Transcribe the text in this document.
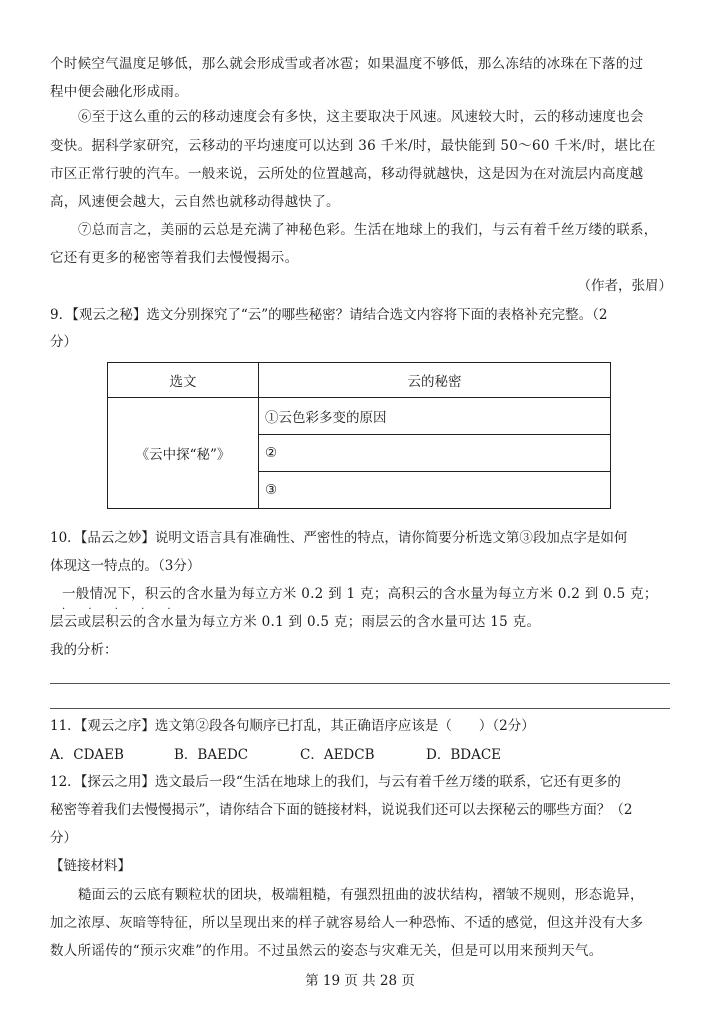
个时候空气温度足够低，那么就会形成雪或者冰雹；如果温度不够低，那么冻结的冰珠在下落的过
程中便会融化形成雨。
⑥至于这么重的云的移动速度会有多快，这主要取决于风速。风速较大时，云的移动速度也会
变快。据科学家研究，云移动的平均速度可以达到 36 千米/时，最快能到 50～60 千米/时，堪比在
市区正常行驶的汽车。一般来说，云所处的位置越高，移动得就越快，这是因为在对流层内高度越
高，风速便会越大，云自然也就移动得越快了。
⑦总而言之，美丽的云总是充满了神秘色彩。生活在地球上的我们，与云有着千丝万缕的联系，
它还有更多的秘密等着我们去慢慢揭示。
（作者，张眉）
9．【观云之秘】选文分别探究了“云”的哪些秘密？请结合选文内容将下面的表格补充完整。（2
分）
选文	云的秘密
《云中探“秘”》	①云色彩多变的原因
	②
	③
10．【品云之妙】说明文语言具有准确性、严密性的特点，请你简要分析选文第③段加点字是如何
体现这一特点的。（3分）
一般情况下，积云的含水量为每立方米 0.2 到 1 克；高积云的含水量为每立方米 0.2 到 0.5 克；
· · · · ·
层云或层积云的含水量为每立方米 0.1 到 0.5 克；雨层云的含水量可达 15 克。
我的分析：
11．【观云之序】选文第②段各句顺序已打乱，其正确语序应该是（　　）（2分）
A．CDAEB	B．BAEDC	C．AEDCB	D．BDACE
12．【探云之用】选文最后一段“生活在地球上的我们，与云有着千丝万缕的联系，它还有更多的
秘密等着我们去慢慢揭示”，请你结合下面的链接材料，说说我们还可以去探秘云的哪些方面？（2
分）
【链接材料】
糙面云的云底有颗粒状的团块，极端粗糙，有强烈扭曲的波状结构，褶皱不规则，形态诡异，
加之浓厚、灰暗等特征，所以呈现出来的样子就容易给人一种恐怖、不适的感觉，但这并没有大多
数人所谣传的“预示灾难”的作用。不过虽然云的姿态与灾难无关，但是可以用来预判天气。
第 19 页 共 28 页
